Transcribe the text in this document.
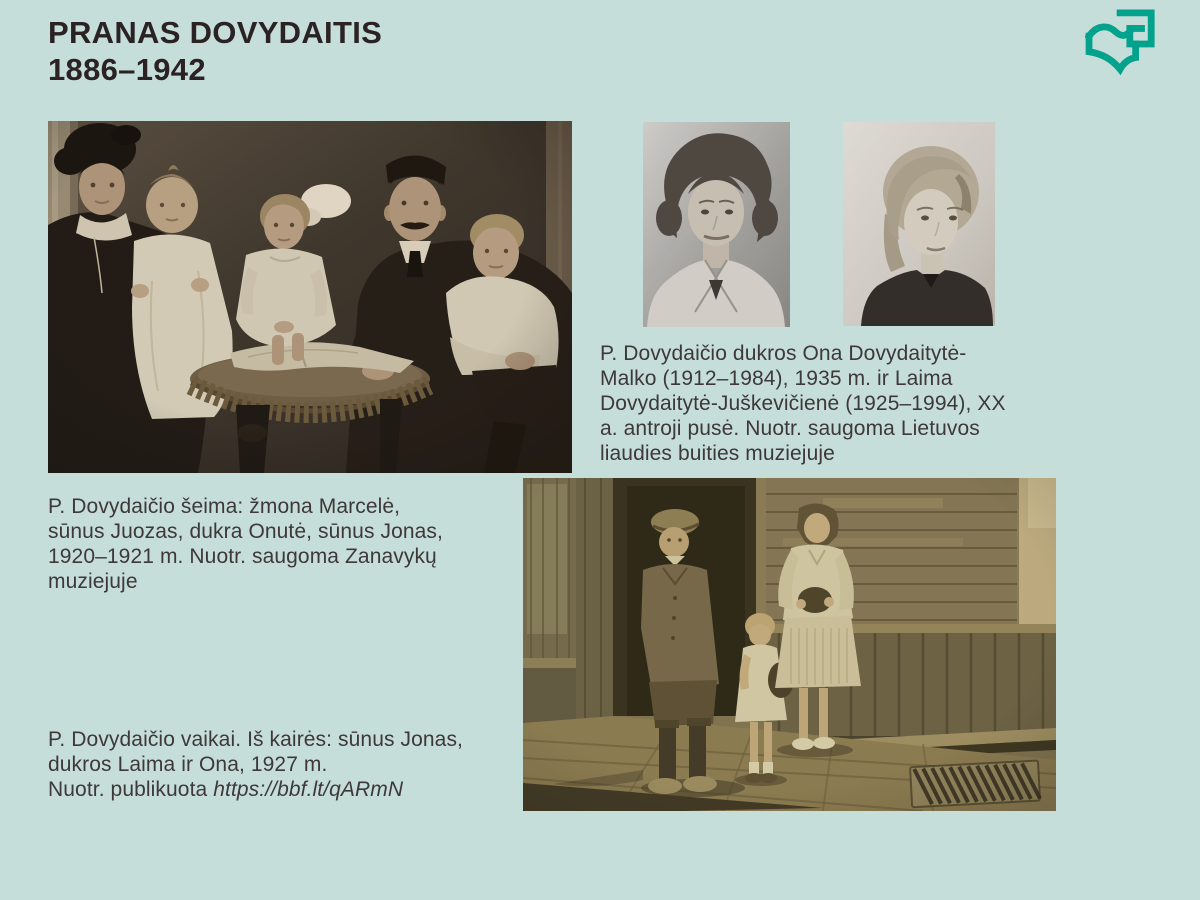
PRANAS DOVYDAITIS
1886–1942
P. Dovydaičio dukros Ona Dovydaitytė-
Malko (1912–1984), 1935 m. ir Laima
Dovydaitytė-Juškevičienė (1925–1994), XX
a. antroji pusė. Nuotr. saugoma Lietuvos
liaudies buities muziejuje
P. Dovydaičio šeima: žmona Marcelė,
sūnus Juozas, dukra Onutė, sūnus Jonas,
1920–1921 m. Nuotr. saugoma Zanavykų
muziejuje
P. Dovydaičio vaikai. Iš kairės: sūnus Jonas,
dukros Laima ir Ona, 1927 m.
Nuotr. publikuota https://bbf.lt/qARmN
